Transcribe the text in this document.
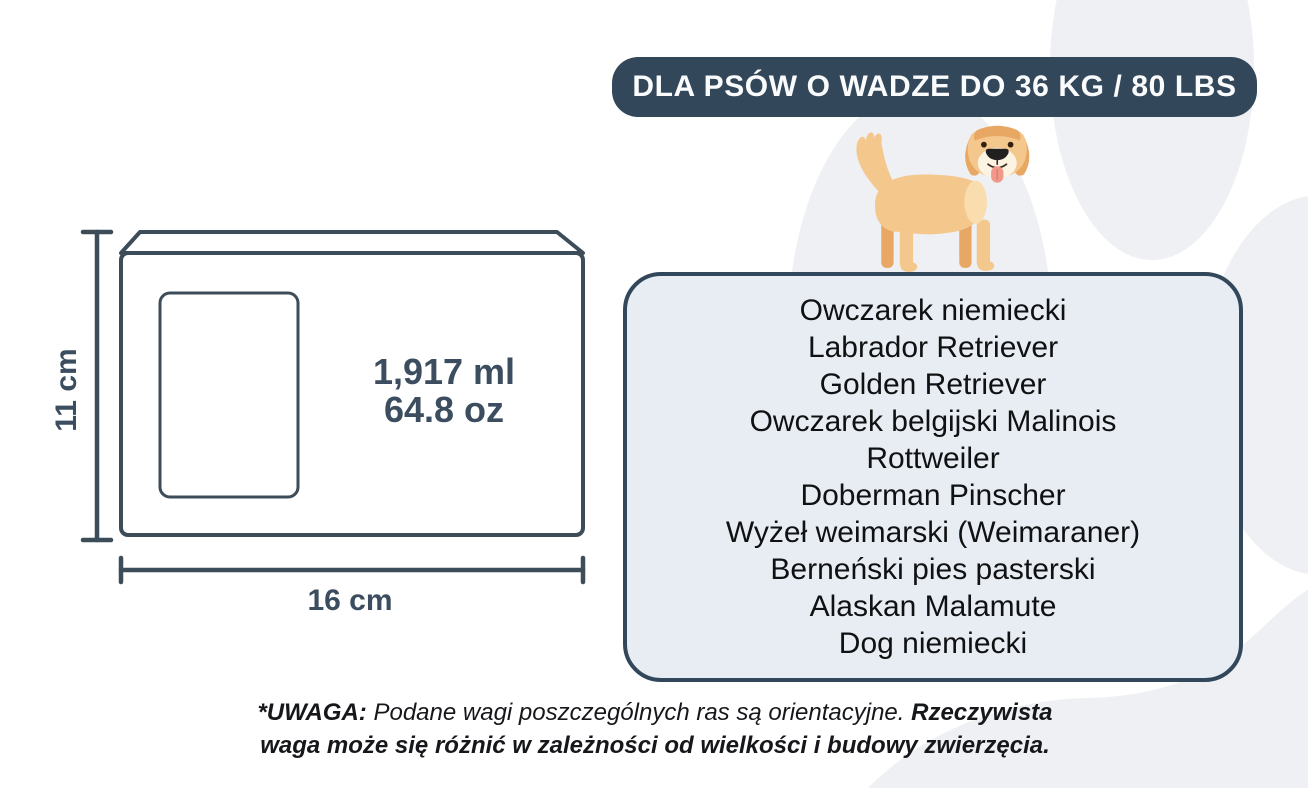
DLA PSÓW O WADZE DO 36 KG / 80 LBS
1,917 ml
64.8 oz
11 cm
16 cm
Owczarek niemiecki
Labrador Retriever
Golden Retriever
Owczarek belgijski Malinois
Rottweiler
Doberman Pinscher
Wyżeł weimarski (Weimaraner)
Berneński pies pasterski
Alaskan Malamute
Dog niemiecki
*UWAGA: Podane wagi poszczególnych ras są orientacyjne. Rzeczywista
waga może się różnić w zależności od wielkości i budowy zwierzęcia.
